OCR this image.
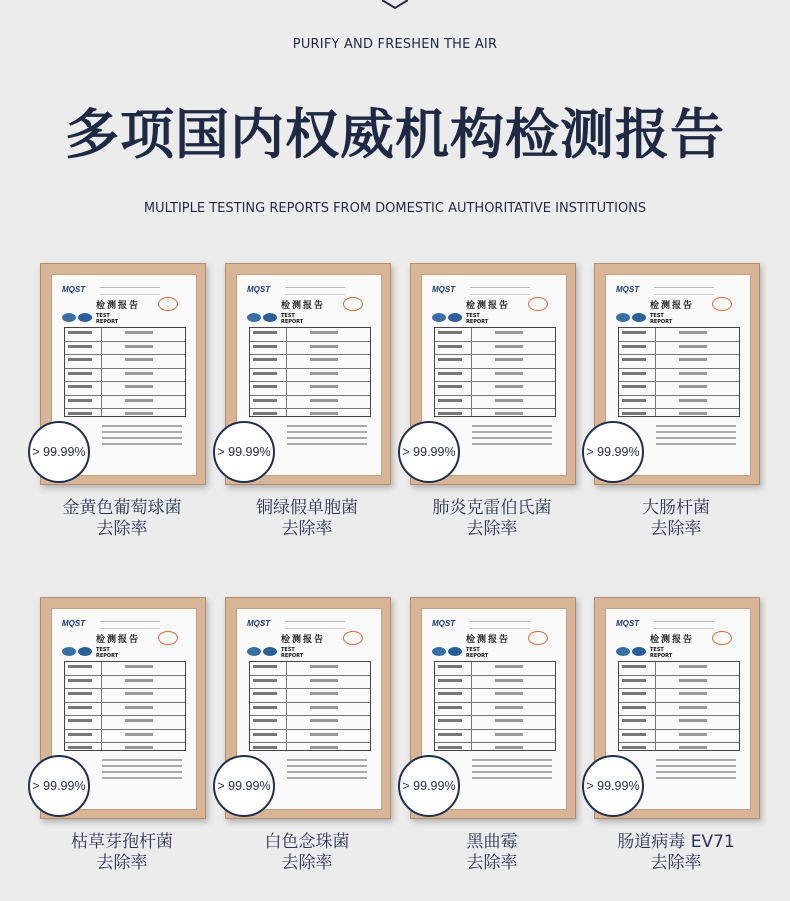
PURIFY AND FRESHEN THE AIR
多项国内权威机构检测报告
MULTIPLE TESTING REPORTS FROM DOMESTIC AUTHORITATIVE INSTITUTIONS
MQST
检测报告
TEST REPORT
> 99.99%
金黄色葡萄球菌
去除率
MQST
检测报告
TEST REPORT
> 99.99%
铜绿假单胞菌
去除率
MQST
检测报告
TEST REPORT
> 99.99%
肺炎克雷伯氏菌
去除率
MQST
检测报告
TEST REPORT
> 99.99%
大肠杆菌
去除率
MQST
检测报告
TEST REPORT
> 99.99%
枯草芽孢杆菌
去除率
MQST
检测报告
TEST REPORT
> 99.99%
白色念珠菌
去除率
MQST
检测报告
TEST REPORT
> 99.99%
黑曲霉
去除率
MQST
检测报告
TEST REPORT
> 99.99%
肠道病毒 EV71
去除率
